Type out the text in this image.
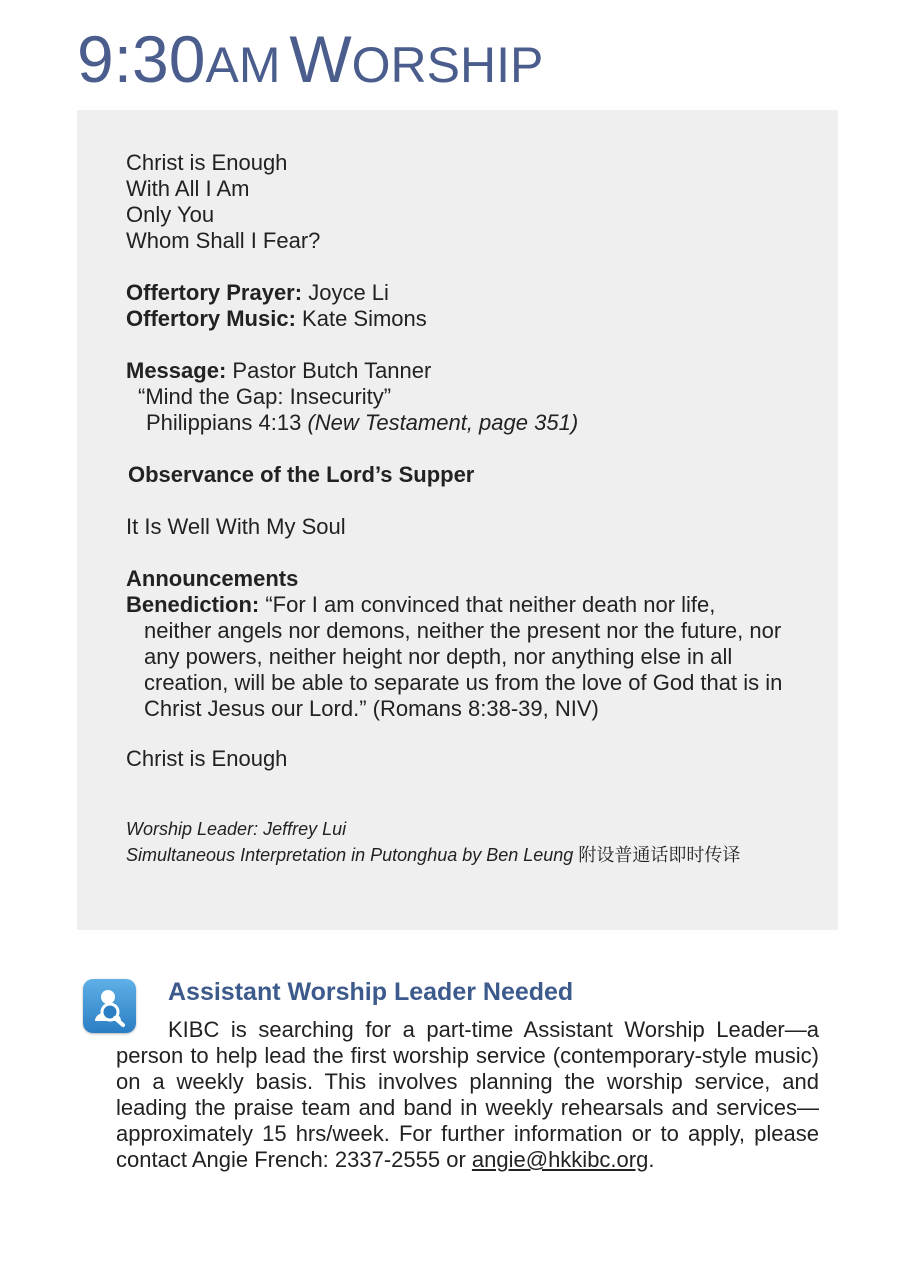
9:30AM WORSHIP

Christ is Enough

With All I Am

Only You

Whom Shall I Fear?

Offertory Prayer: Joyce Li

Offertory Music: Kate Simons

Message: Pastor Butch Tanner

“Mind the Gap: Insecurity”

Philippians 4:13 (New Testament, page 351)

Observance of the Lord’s Supper

It Is Well With My Soul

Announcements

Benediction: “For I am convinced that neither death nor life,

neither angels nor demons, neither the present nor the future, nor any powers, neither height nor depth, nor anything else in all creation, will be able to separate us from the love of God that is in Christ Jesus our Lord.” (Romans 8:38-39, NIV)

Christ is Enough

Worship Leader: Jeffrey Lui

Simultaneous Interpretation in Putonghua by Ben Leung 附设普通话即时传译

Assistant Worship Leader Needed

KIBC is searching for a part-time Assistant Worship Leader—a person to help lead the first worship service (contemporary-style music) on a weekly basis. This involves planning the worship service, and leading the praise team and band in weekly rehearsals and services—approximately 15 hrs/week. For further information or to apply, please contact Angie French: 2337-2555 or angie@hkkibc.org.
